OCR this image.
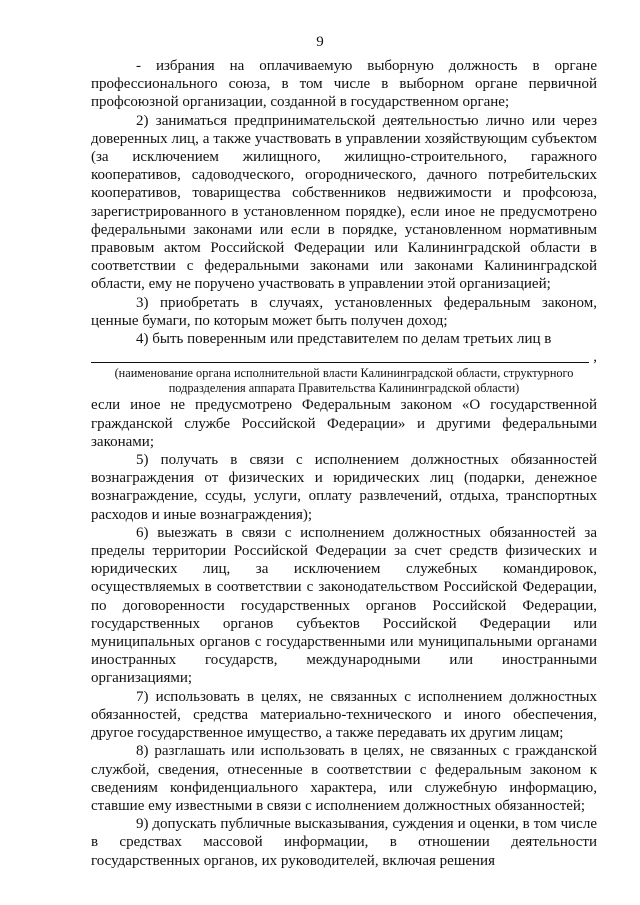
9

- избрания на оплачиваемую выборную должность в органе профессионального союза, в том числе в выборном органе первичной профсоюзной организации, созданной в государственном органе;

2) заниматься предпринимательской деятельностью лично или через доверенных лиц, а также участвовать в управлении хозяйствующим субъектом (за исключением жилищного, жилищно-строительного, гаражного кооперативов, садоводческого, огороднического, дачного потребительских кооперативов, товарищества собственников недвижимости и профсоюза, зарегистрированного в установленном порядке), если иное не предусмотрено федеральными законами или если в порядке, установленном нормативным правовым актом Российской Федерации или Калининградской области в соответствии с федеральными законами или законами Калининградской области, ему не поручено участвовать в управлении этой организацией;

3) приобретать в случаях, установленных федеральным законом, ценные бумаги, по которым может быть получен доход;

4) быть поверенным или представителем по делам третьих лиц в

,

(наименование органа исполнительной власти Калининградской области, структурного
подразделения аппарата Правительства Калининградской области)

если иное не предусмотрено Федеральным законом «О государственной гражданской службе Российской Федерации» и другими федеральными законами;

5) получать в связи с исполнением должностных обязанностей вознаграждения от физических и юридических лиц (подарки, денежное вознаграждение, ссуды, услуги, оплату развлечений, отдыха, транспортных расходов и иные вознаграждения);

6) выезжать в связи с исполнением должностных обязанностей за пределы территории Российской Федерации за счет средств физических и юридических лиц, за исключением служебных командировок, осуществляемых в соответствии с законодательством Российской Федерации, по договоренности государственных органов Российской Федерации, государственных органов субъектов Российской Федерации или муниципальных органов с государственными или муниципальными органами иностранных государств, международными или иностранными организациями;

7) использовать в целях, не связанных с исполнением должностных обязанностей, средства материально-технического и иного обеспечения, другое государственное имущество, а также передавать их другим лицам;

8) разглашать или использовать в целях, не связанных с гражданской службой, сведения, отнесенные в соответствии с федеральным законом к сведениям конфиденциального характера, или служебную информацию, ставшие ему известными в связи с исполнением должностных обязанностей;

9) допускать публичные высказывания, суждения и оценки, в том числе в средствах массовой информации, в отношении деятельности государственных органов, их руководителей, включая решения
